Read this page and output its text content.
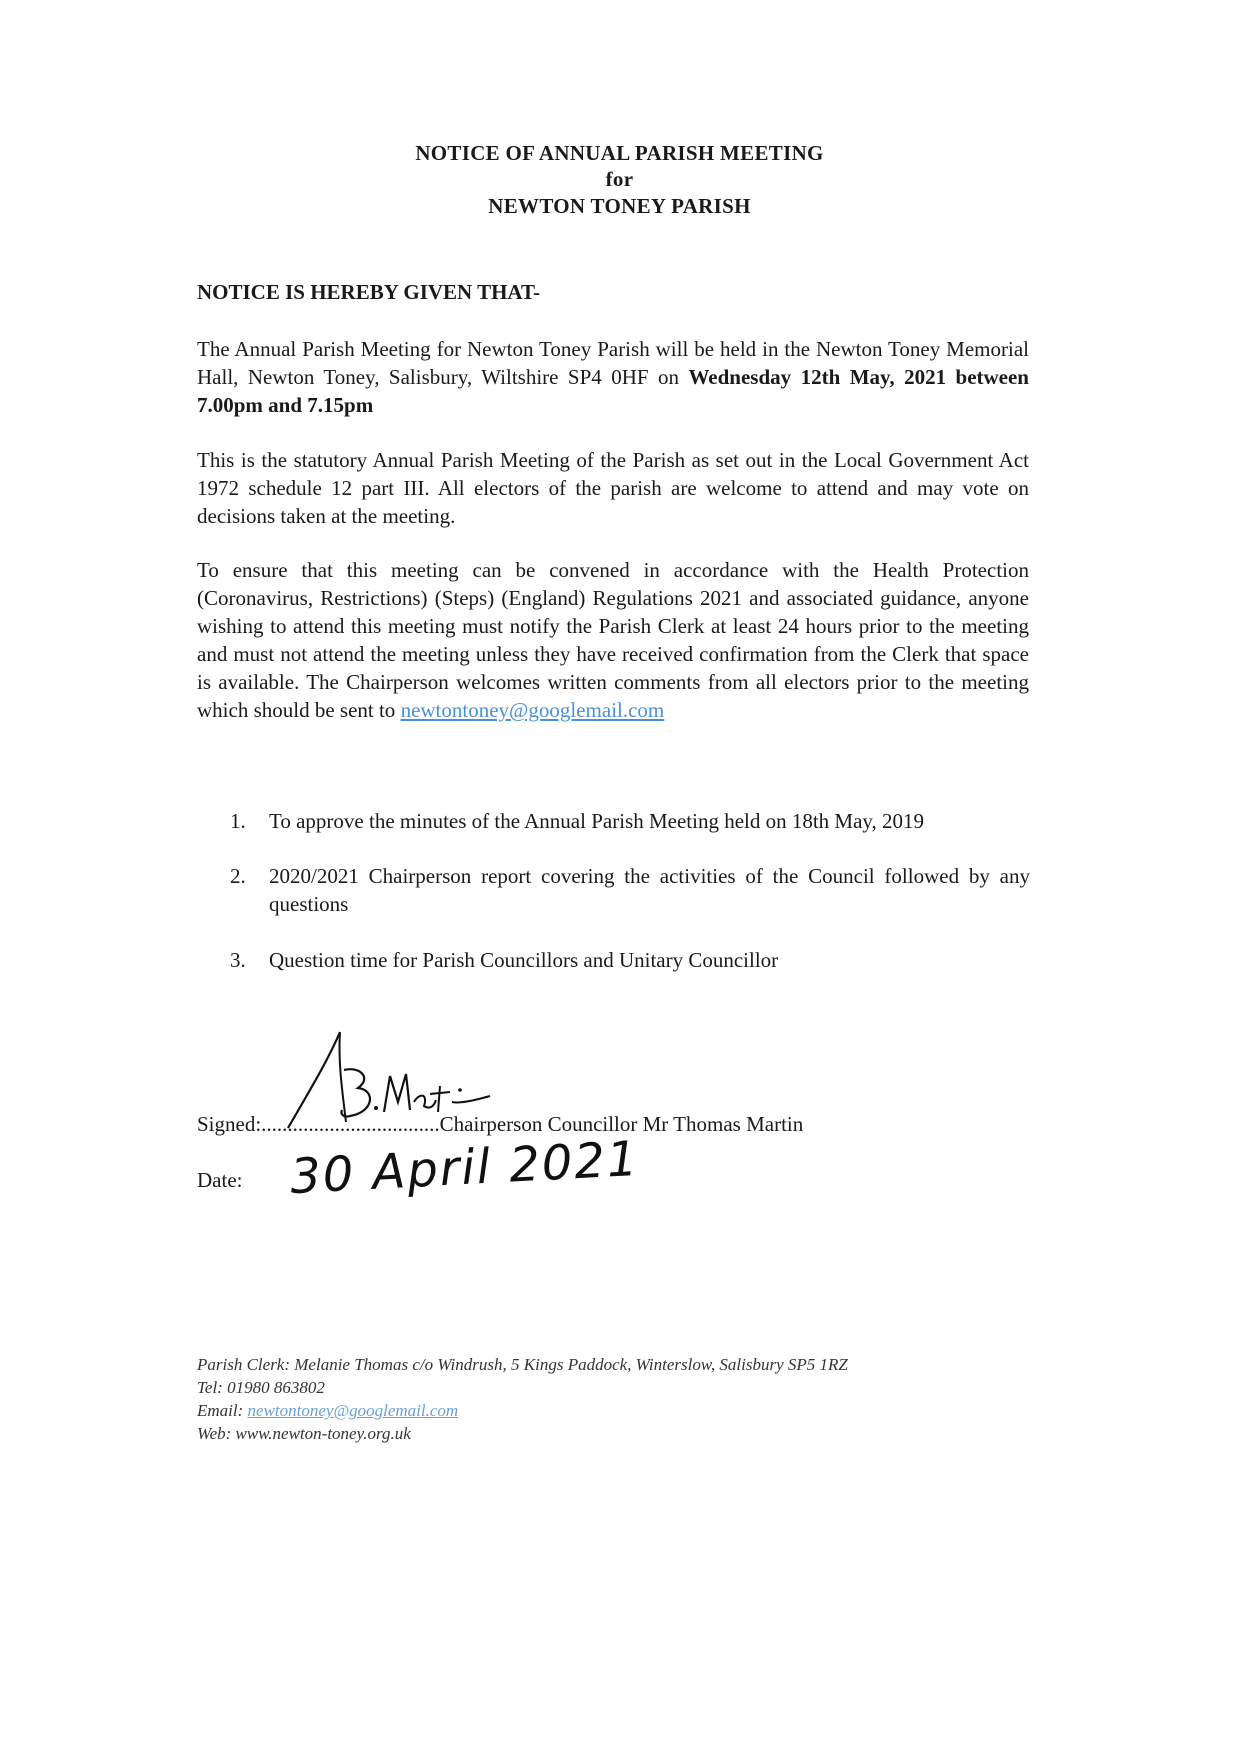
NOTICE OF ANNUAL PARISH MEETING
for
NEWTON TONEY PARISH
NOTICE IS HEREBY GIVEN THAT-
The Annual Parish Meeting for Newton Toney Parish will be held in the Newton Toney Memorial Hall, Newton Toney, Salisbury, Wiltshire SP4 0HF on Wednesday 12th May, 2021 between 7.00pm and 7.15pm
This is the statutory Annual Parish Meeting of the Parish as set out in the Local Government Act 1972 schedule 12 part III. All electors of the parish are welcome to attend and may vote on decisions taken at the meeting.
To ensure that this meeting can be convened in accordance with the Health Protection (Coronavirus, Restrictions) (Steps) (England) Regulations 2021 and associated guidance, anyone wishing to attend this meeting must notify the Parish Clerk at least 24 hours prior to the meeting and must not attend the meeting unless they have received confirmation from the Clerk that space is available. The Chairperson welcomes written comments from all electors prior to the meeting which should be sent to newtontoney@googlemail.com
1.	To approve the minutes of the Annual Parish Meeting held on 18th May, 2019
2.	2020/2021 Chairperson report covering the activities of the Council followed by any questions
3.	Question time for Parish Councillors and Unitary Councillor
Signed:..................................Chairperson Councillor Mr Thomas Martin
Date: 30 April 2021
Parish Clerk: Melanie Thomas c/o Windrush, 5 Kings Paddock, Winterslow, Salisbury SP5 1RZ
Tel: 01980 863802
Email: newtontoney@googlemail.com
Web: www.newton-toney.org.uk
